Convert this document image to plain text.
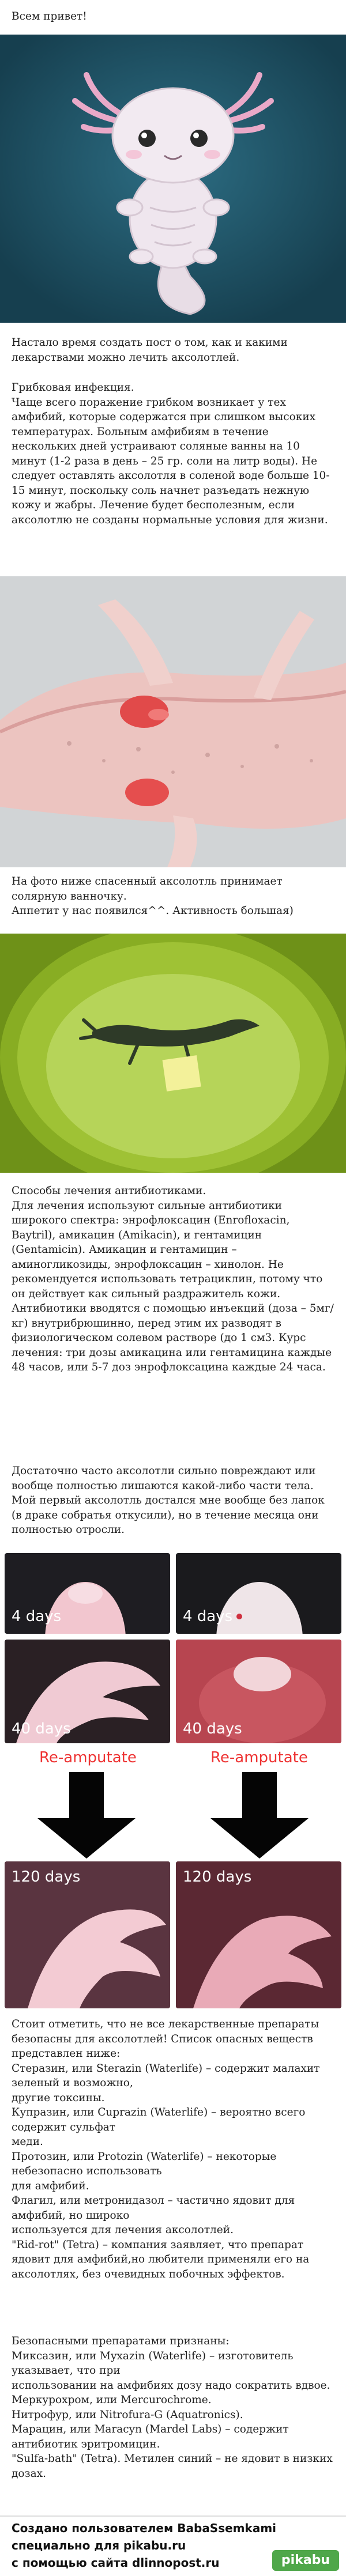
Всем привет!
Настало время создать пост о том, как и какими лекарствами можно лечить аксолотлей.
Грибковая инфекция.
Чаще всего поражение грибком возникает у тех амфибий, которые содержатся при слишком высоких температурах. Больным амфибиям в течение нескольких дней устраивают соляные ванны на 10 минут (1-2 раза в день – 25 гр. соли на литр воды). Не следует оставлять аксолотля в соленой воде больше 10-15 минут, поскольку соль начнет разъедать нежную кожу и жабры. Лечение будет бесполезным, если аксолотлю не созданы нормальные условия для жизни.
На фото ниже спасенный аксолотль принимает солярную ванночку.
Аппетит у нас появился^^. Активность большая)
Способы лечения антибиотиками.
Для лечения используют сильные антибиотики широкого спектра: энрофлоксацин (Enrofloxacin, Baytril), амикацин (Amikacin), и гентамицин (Gentamicin). Амикацин и гентамицин – аминогликозиды, энрофлоксацин – хинолон. Не рекомендуется использовать тетрациклин, потому что он действует как сильный раздражитель кожи. Антибиотики вводятся с помощью инъекций (доза – 5мг/кг) внутрибрюшинно, перед этим их разводят в физиологическом солевом растворе (до 1 см3. Курс лечения: три дозы амикацина или гентамицина каждые 48 часов, или 5-7 доз энрофлоксацина каждые 24 часа.
Достаточно часто аксолотли сильно повреждают или вообще полностью лишаются какой-либо части тела. Мой первый аксолотль достался мне вообще без лапок (в драке собратья откусили), но в течение месяца они полностью отросли.
4 days	4 days
40 days	40 days
Re-amputate	Re-amputate
120 days	120 days
Стоит отметить, что не все лекарственные препараты безопасны для аксолотлей! Список опасных веществ представлен ниже:
Стеразин, или Sterazin (Waterlife) – содержит малахит зеленый и возможно,
другие токсины.
Купразин, или Cuprazin (Waterlife) – вероятно всего содержит сульфат
меди.
Протозин, или Protozin (Waterlife) – некоторые небезопасно использовать
для амфибий.
Флагил, или метронидазол – частично ядовит для амфибий, но широко
используется для лечения аксолотлей.
"Rid-rot" (Tetra) – компания заявляет, что препарат ядовит для амфибий,но любители применяли его на аксолотлях, без очевидных побочных эффектов.
Безопасными препаратами признаны:
Миксазин, или Myxazin (Waterlife) – изготовитель указывает, что при
использовании на амфибиях дозу надо сократить вдвое.
Меркурохром, или Mercurochrome.
Нитрофур, или Nitrofura-G (Aquatronics).
Марацин, или Maracyn (Mardel Labs) – содержит антибиотик эритромицин.
"Sulfa-bath" (Tetra). Метилен синий – не ядовит в низких дозах.
Создано пользователем BabaSsemkami
специально для pikabu.ru
с помощью сайта dlinnopost.ru	pikabu
